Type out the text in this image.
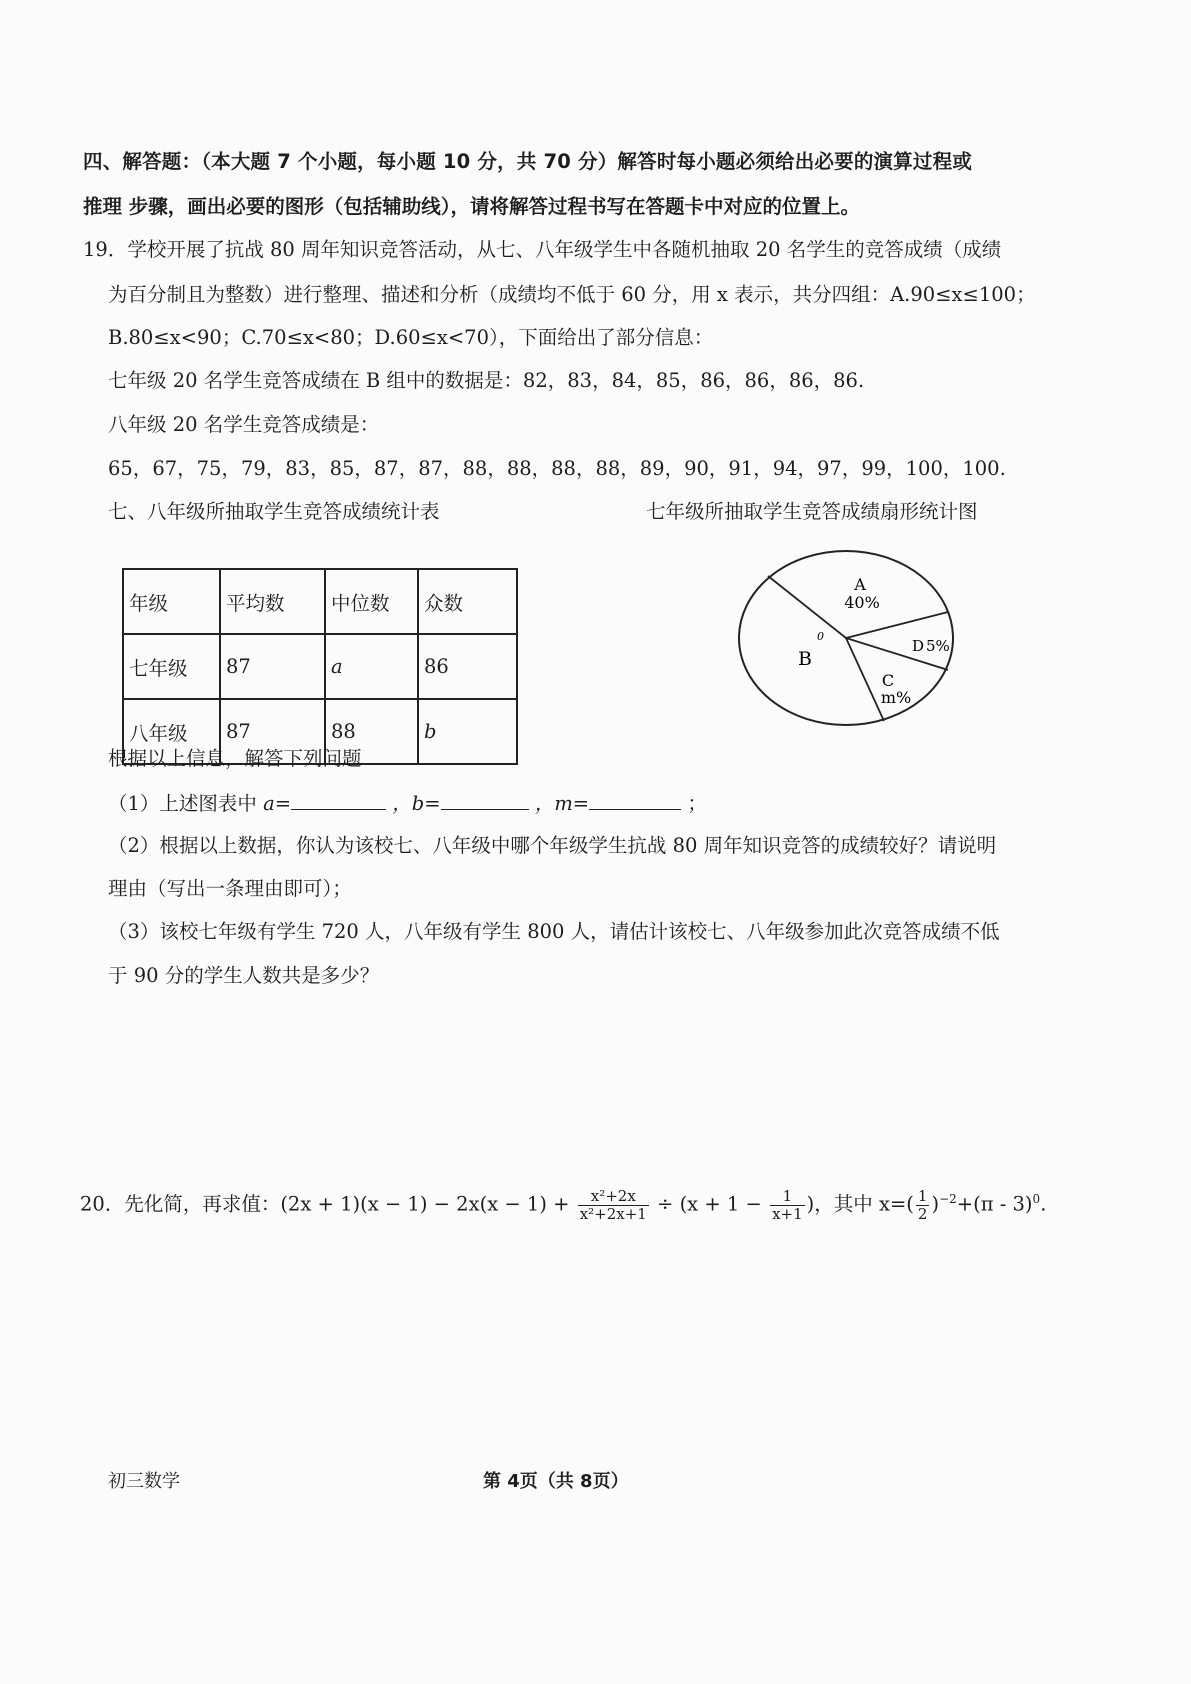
四、解答题：（本大题 7 个小题，每小题 10 分，共 70 分）解答时每小题必须给出必要的演算过程或
推理 步骤，画出必要的图形（包括辅助线），请将解答过程书写在答题卡中对应的位置上。
19．学校开展了抗战 80 周年知识竞答活动，从七、八年级学生中各随机抽取 20 名学生的竞答成绩（成绩
为百分制且为整数）进行整理、描述和分析（成绩均不低于 60 分，用 x 表示，共分四组：A.90≤x≤100；
B.80≤x<90；C.70≤x<80；D.60≤x<70），下面给出了部分信息：
七年级 20 名学生竞答成绩在 B 组中的数据是：82，83，84，85，86，86，86，86.
八年级 20 名学生竞答成绩是：
65，67，75，79，83，85，87，87，88，88，88，88，89，90，91，94，97，99，100，100.
七、八年级所抽取学生竞答成绩统计表	七年级所抽取学生竞答成绩扇形统计图
年级	平均数	中位数	众数
七年级	87	a	86
八年级	87	88	b
A
40%
D 5%
C
m%
B
0
根据以上信息，解答下列问题
（1）上述图表中 a=	，b=	，m=	；
（2）根据以上数据，你认为该校七、八年级中哪个年级学生抗战 80 周年知识竞答的成绩较好？请说明
理由（写出一条理由即可）；
（3）该校七年级有学生 720 人，八年级有学生 800 人，请估计该校七、八年级参加此次竞答成绩不低
于 90 分的学生人数共是多少？
20．先化简，再求值：$(2x + 1)(x - 1) - 2x(x - 1) + \frac{\text{x²+2x}}{\text{x²+2x+1}} \div (x + 1 - \frac{1}{x+1}$ )，其中 $x=( \frac{1}{2} )^{-2}+(\pi - 3)^0$.
初三数学	第 4页（共 8页）
